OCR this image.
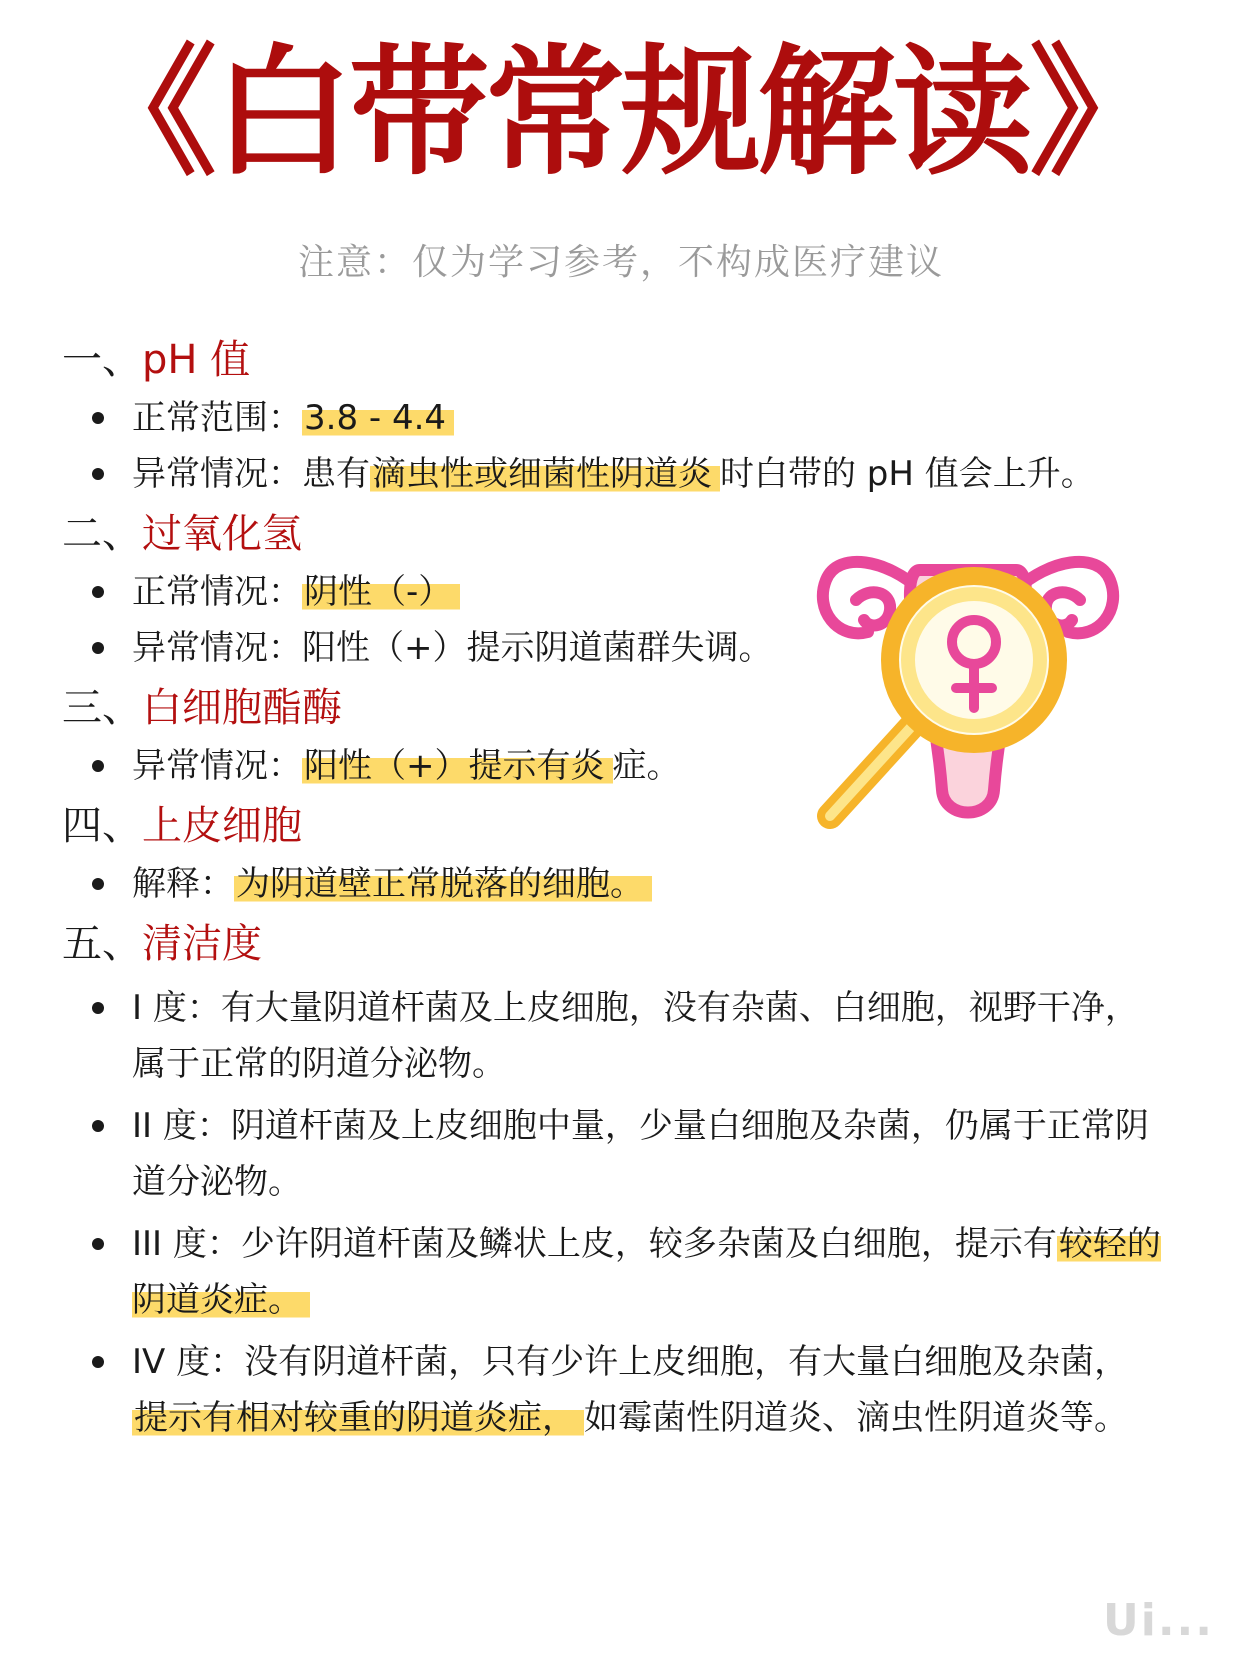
《白带常规解读》
注意：仅为学习参考，不构成医疗建议
一、pH 值
正常范围：3.8 - 4.4
异常情况：患有滴虫性或细菌性阴道炎 时白带的 pH 值会上升。
二、过氧化氢
正常情况：阴性（-）
异常情况：阳性（+）提示阴道菌群失调。
三、白细胞酯酶
异常情况：阳性（+）提示有炎 症。
四、上皮细胞
解释：为阴道壁正常脱落的细胞。
五、清洁度
I 度：有大量阴道杆菌及上皮细胞，没有杂菌、白细胞，视野干净，属于正常的阴道分泌物。
II 度：阴道杆菌及上皮细胞中量，少量白细胞及杂菌，仍属于正常阴道分泌物。
III 度：少许阴道杆菌及鳞状上皮，较多杂菌及白细胞，提示有较轻的阴道炎症。
IV 度：没有阴道杆菌，只有少许上皮细胞，有大量白细胞及杂菌，提示有相对较重的阴道炎症， 如霉菌性阴道炎、滴虫性阴道炎等。
Ui...
